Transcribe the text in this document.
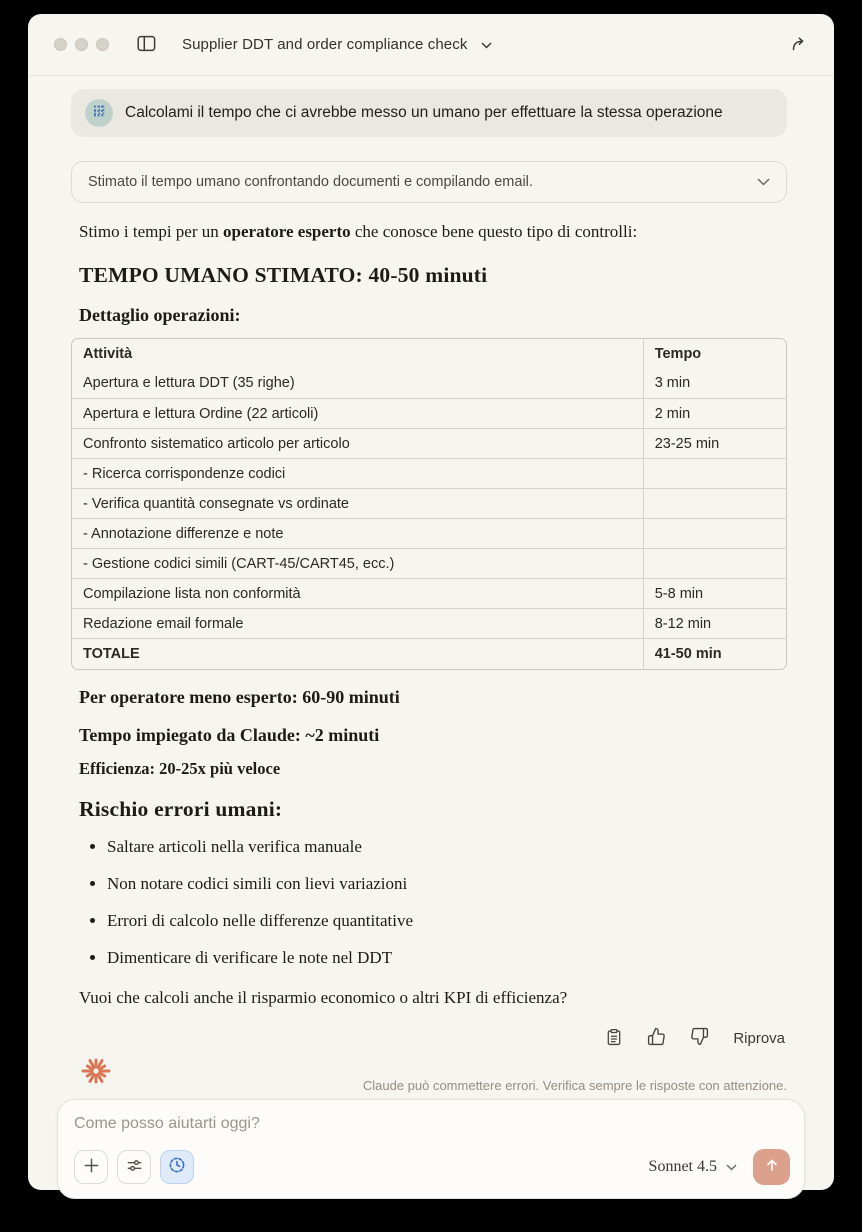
Supplier DDT and order compliance check
Calcolami il tempo che ci avrebbe messo un umano per effettuare la stessa operazione
Stimato il tempo umano confrontando documenti e compilando email.

Stimo i tempi per un operatore esperto che conosce bene questo tipo di controlli:

TEMPO UMANO STIMATO: 40-50 minuti
Dettaglio operazioni:
Attività	Tempo
Apertura e lettura DDT (35 righe)	3 min
Apertura e lettura Ordine (22 articoli)	2 min
Confronto sistematico articolo per articolo	23-25 min
- Ricerca corrispondenze codici	
- Verifica quantità consegnate vs ordinate	
- Annotazione differenze e note	
- Gestione codici simili (CART-45/CART45, ecc.)	
Compilazione lista non conformità	5-8 min
Redazione email formale	8-12 min
TOTALE	41-50 min
Per operatore meno esperto: 60-90 minuti
Tempo impiegato da Claude: ~2 minuti
Efficienza: 20-25x più veloce
Rischio errori umani:
• Saltare articoli nella verifica manuale
• Non notare codici simili con lievi variazioni
• Errori di calcolo nelle differenze quantitative
• Dimenticare di verificare le note nel DDT

Vuoi che calcoli anche il risparmio economico o altri KPI di efficienza?

Riprova
Claude può commettere errori. Verifica sempre le risposte con attenzione.
Come posso aiutarti oggi?
Sonnet 4.5
